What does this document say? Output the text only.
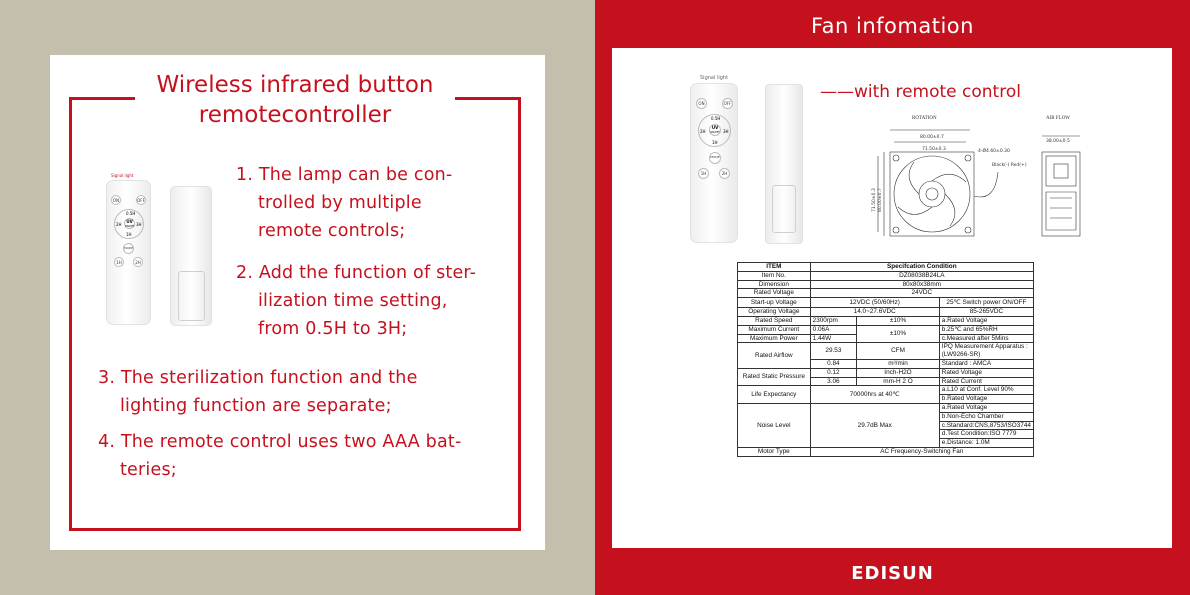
Wireless infrared button
remotecontroller
Signal light
ON	OFF
0.5H
2H	3H
1H
UV
ON/OFF
MODE
1H	2H
1. The lamp can be con-
trolled by multiple
remote controls;
2. Add the function of ster-
ilization time setting,
from 0.5H to 3H;
3. The sterilization function and the
lighting function are separate;
4. The remote control uses two AAA bat-
teries;
Fan infomation
Signal light
ON	OFF
0.5H
2H	3H
1H
UV
ON/OFF
MODE
1H	2H
——with remote control
ROTATION	AIR FLOW
80.00±0.7
71.50±0.3	4-Ø4.60±0.30
Black(-) Red(+)
80.00±0.7
71.50±0.3
38.00±0.5
ITEM	Specifcation Condition		
Item No.	DZ08038B24LA		
Dimension	80x80x38mm		
Rated Voltage	24VDC		
Start-up Voltage	12VDC (50/60Hz)		25℃ Switch power ON/OFF
Operating Voltage	14.0~27.6VDC		85-265VDC
Rated Speed	2300rpm	±10%	a.Rated Voltage
Maximum Current	0.06A	±10%	b.25℃ and 65%RH
Maximum Power	1.44W		c.Measured after 5Mins
Rated Airflow	29.53	CFM	IPQ Measurement Apparatus : (LW9266-SR)
	0.84	m³/min	Standard : AMCA
Rated Static Pressure	0.12	Inch-H2O	Rated Voltage
	3.06	mm-H 2 O	Rated Current
Life Expectancy	70000hrs at 40℃		a.L10 at Conf. Level 90%
			b.Rated Voltage
Noise Level	29.7dB Max		a.Rated Voltage
			b.Non-Echo Chamber
			c.Standard:CNS,8753/ISO3744
			d.Test Condition:ISO 7779
			e.Distance: 1.0M
Motor Type	AC Frequency-Switching Fan		
EDISUN
